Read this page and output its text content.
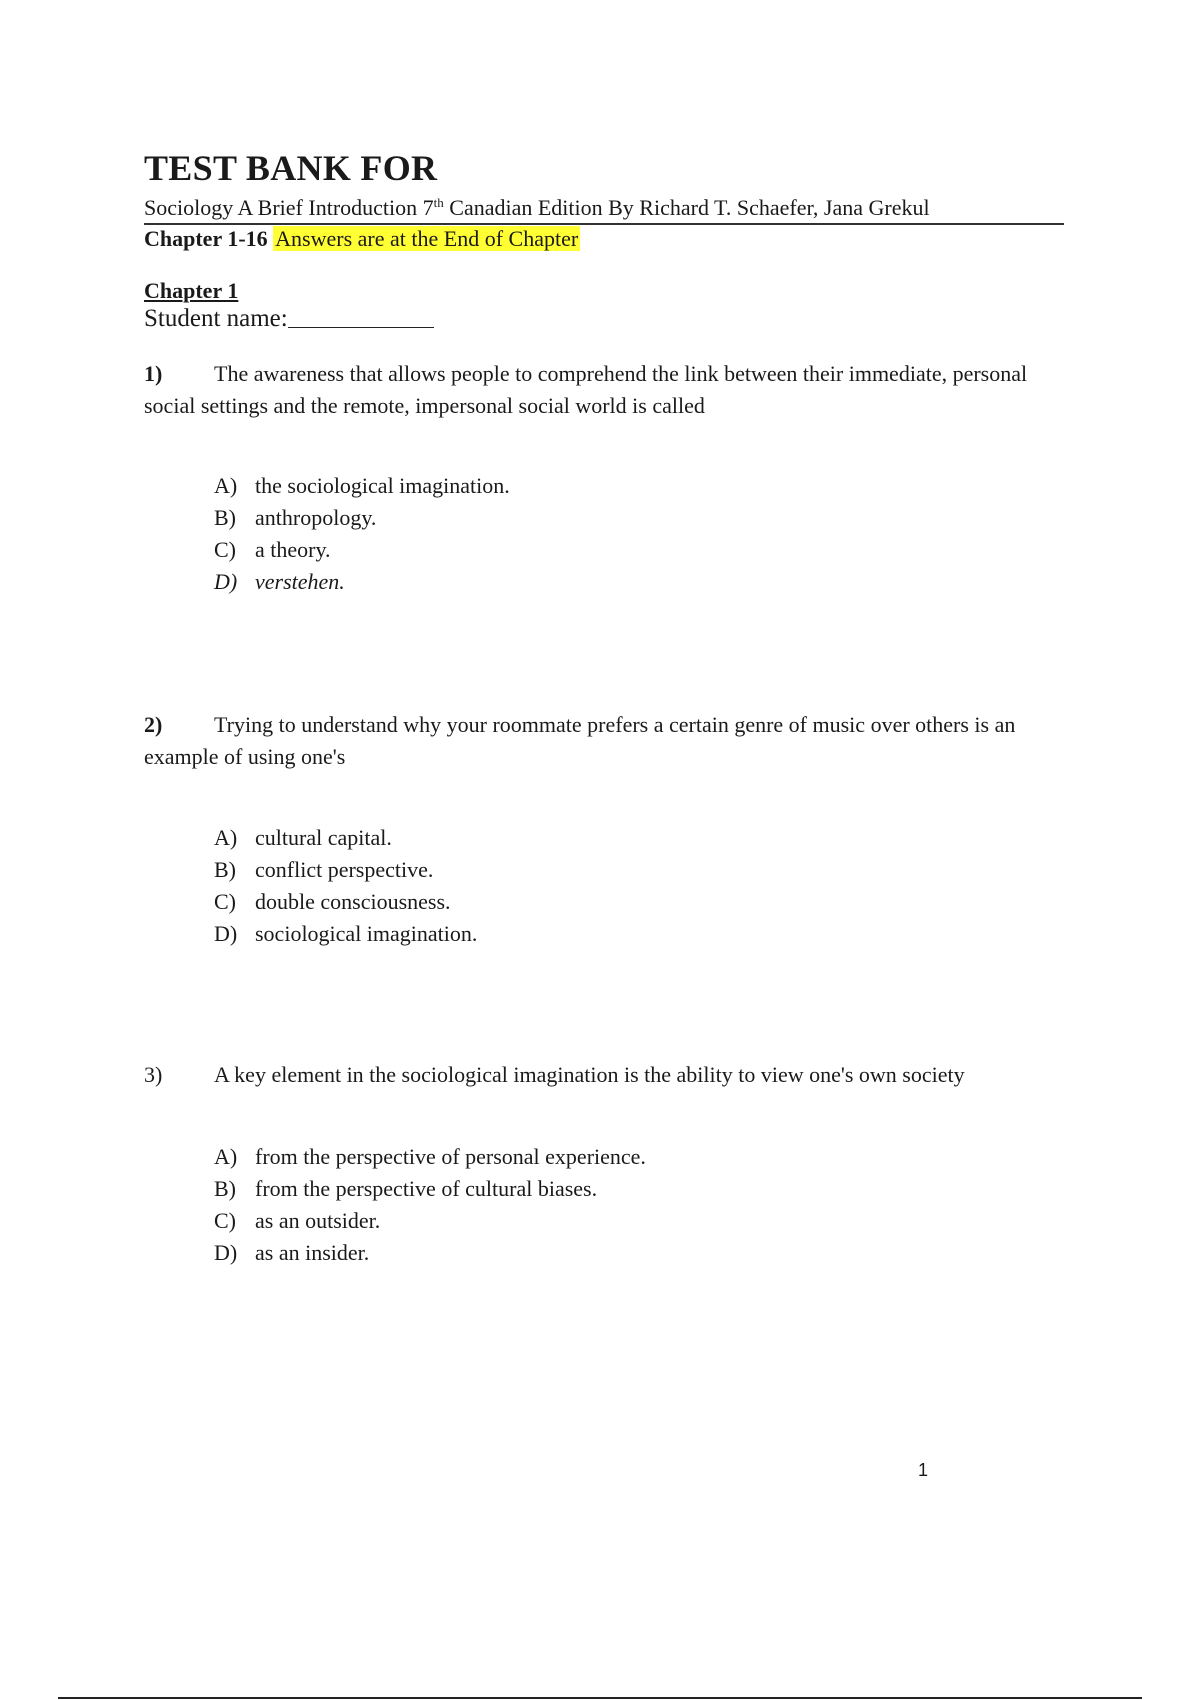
TEST BANK FOR
Sociology A Brief Introduction 7th Canadian Edition By Richard T. Schaefer, Jana Grekul
Chapter 1-16 Answers are at the End of Chapter
Chapter 1
Student name:
1) The awareness that allows people to comprehend the link between their immediate, personal social settings and the remote, impersonal social world is called
A) the sociological imagination.
B) anthropology.
C) a theory.
D) verstehen.
2) Trying to understand why your roommate prefers a certain genre of music over others is an example of using one's
A) cultural capital.
B) conflict perspective.
C) double consciousness.
D) sociological imagination.
3) A key element in the sociological imagination is the ability to view one's own society
A) from the perspective of personal experience.
B) from the perspective of cultural biases.
C) as an outsider.
D) as an insider.
1
